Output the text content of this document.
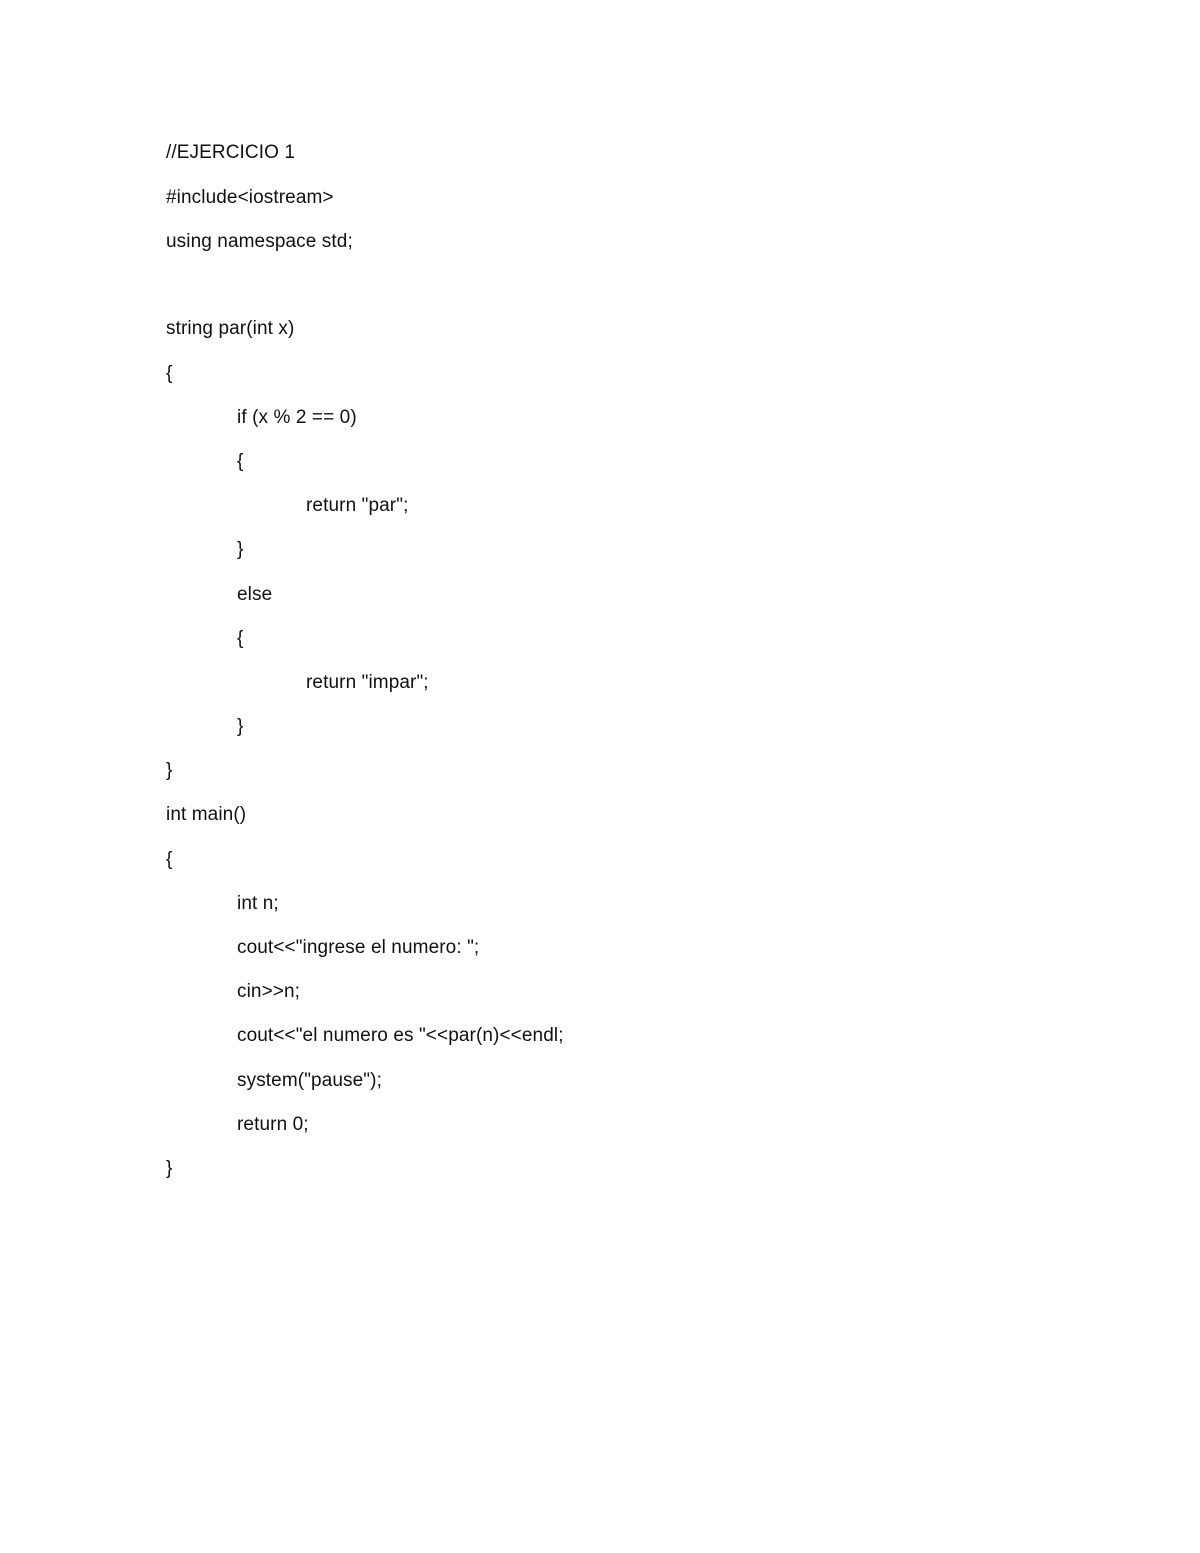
//EJERCICIO 1

#include<iostream>

using namespace std;

string par(int x)

{

if (x % 2 == 0)

{

return "par";

}

else

{

return "impar";

}

}

int main()

{

int n;

cout<<"ingrese el numero: ";

cin>>n;

cout<<"el numero es "<<par(n)<<endl;

system("pause");

return 0;

}
